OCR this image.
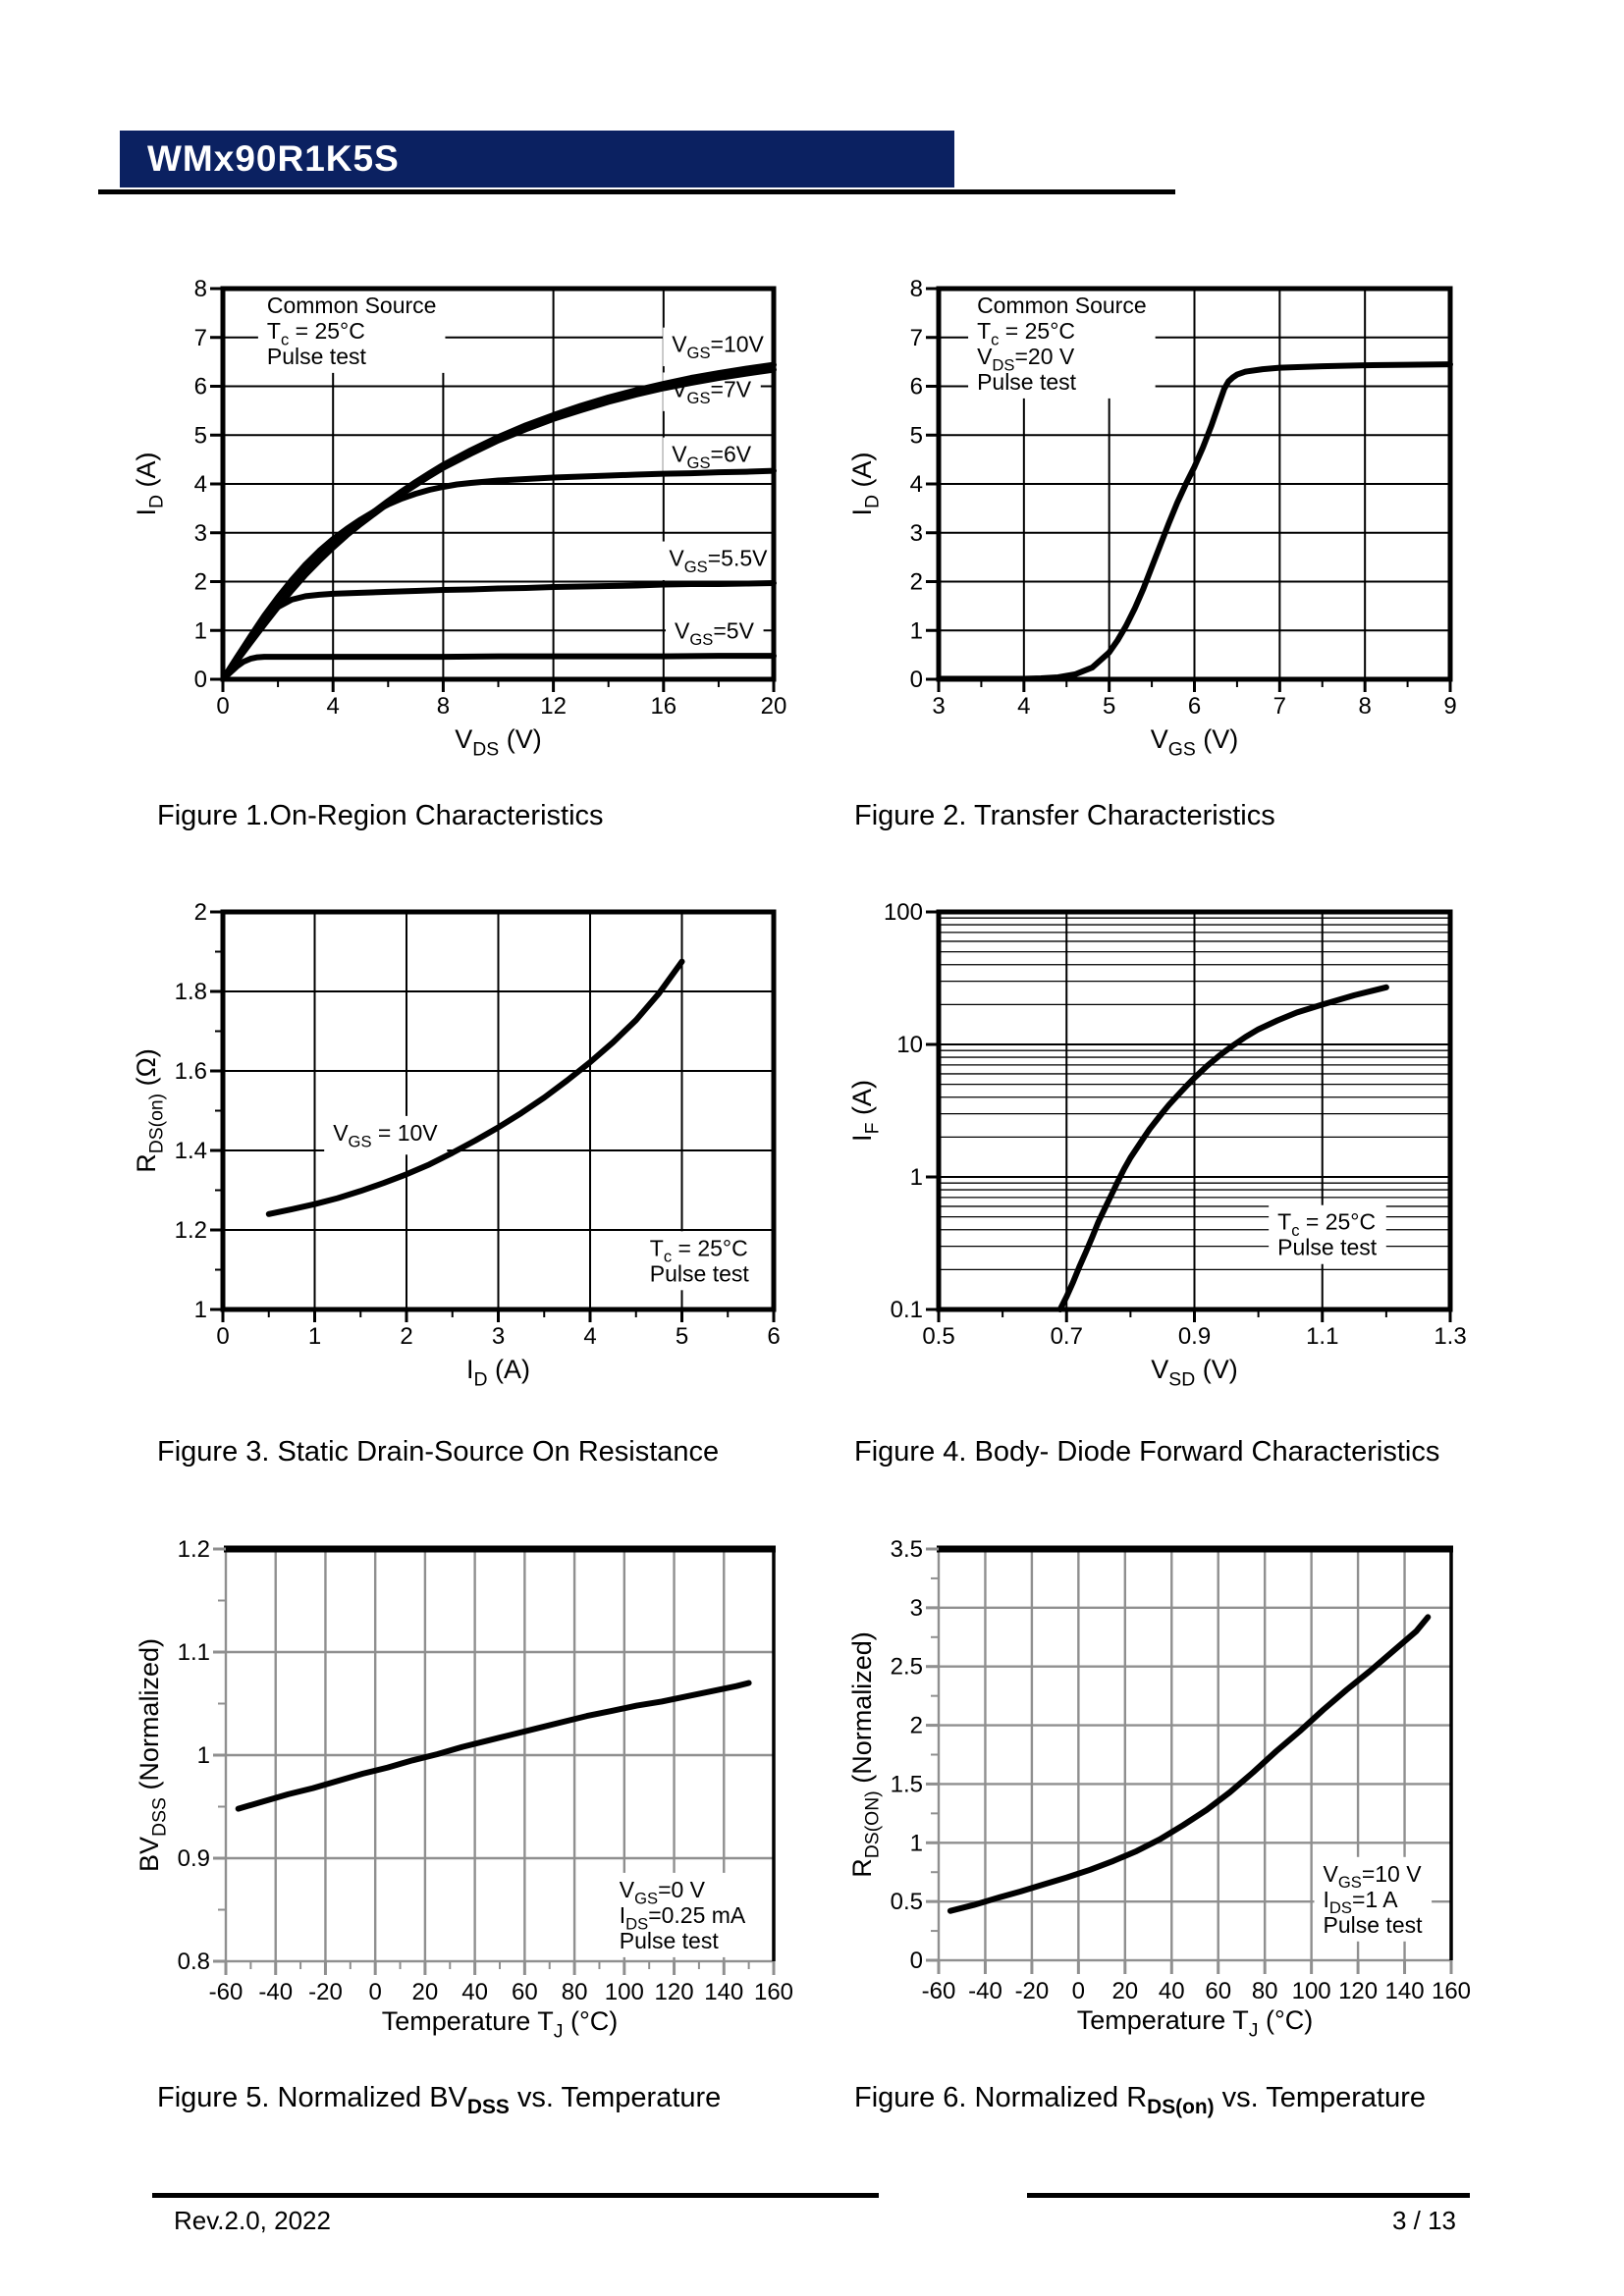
WMx90R1K5S
Common Source
$T_c = 25^\circ C$
Pulse test	$V_{GS}=10V$
$V_{GS}=7V$
$V_{GS}=6V$
$V_{GS}=5.5V$
$V_{GS}=5V$
0	4	8	12	16	20
0
1
2
3
4
5
6
7
8
$V_{DS}$ (V)
$I_D$ (A)
Common Source
$T_c = 25^\circ C$
$V_{DS}=20$ V
Pulse test
3	4	5	6	7	8	9
0
1
2
3
4
5
6
7
8
$V_{GS}$ (V)
$I_D$ (A)
$T_c = 25^\circ C$
Pulse test
$V_{GS} = 10V$
0	1	2	3	4	5	6
1
1.2
1.4
1.6
1.8
2
$I_D$ (A)
$R_{DS(on)}$ (Ω)
$T_c = 25^\circ C$
Pulse test
0.5	0.7	0.9	1.1	1.3
0.1
1
10
100
$V_{SD}$ (V)
$I_F$ (A)
$V_{GS}=0$ V
$I_{DS}=0.25$ mA
Pulse test
-60 -40 -20 0 20 40 60 80 100 120 140 160
0.8
0.9
1
1.1
1.2
Temperature $T_J$ (°C)
$BV_{DSS}$ (Normalized)
$V_{GS}=10$ V
$I_{DS}=1$ A
Pulse test
-60 -40 -20 0 20 40 60 80 100 120 140 160
0
0.5
1
1.5
2
2.5
3
3.5
Temperature $T_J$ (°C)
$R_{DS(ON)}$ (Normalized)
Figure 1.On-Region Characteristics	Figure 2. Transfer Characteristics
Figure 3. Static Drain-Source On Resistance	Figure 4. Body- Diode Forward Characteristics
Figure 5. Normalized $BV_{DSS}$ vs. Temperature	Figure 6. Normalized $R_{DS(on)}$ vs. Temperature
Rev.2.0, 2022	3 / 13
